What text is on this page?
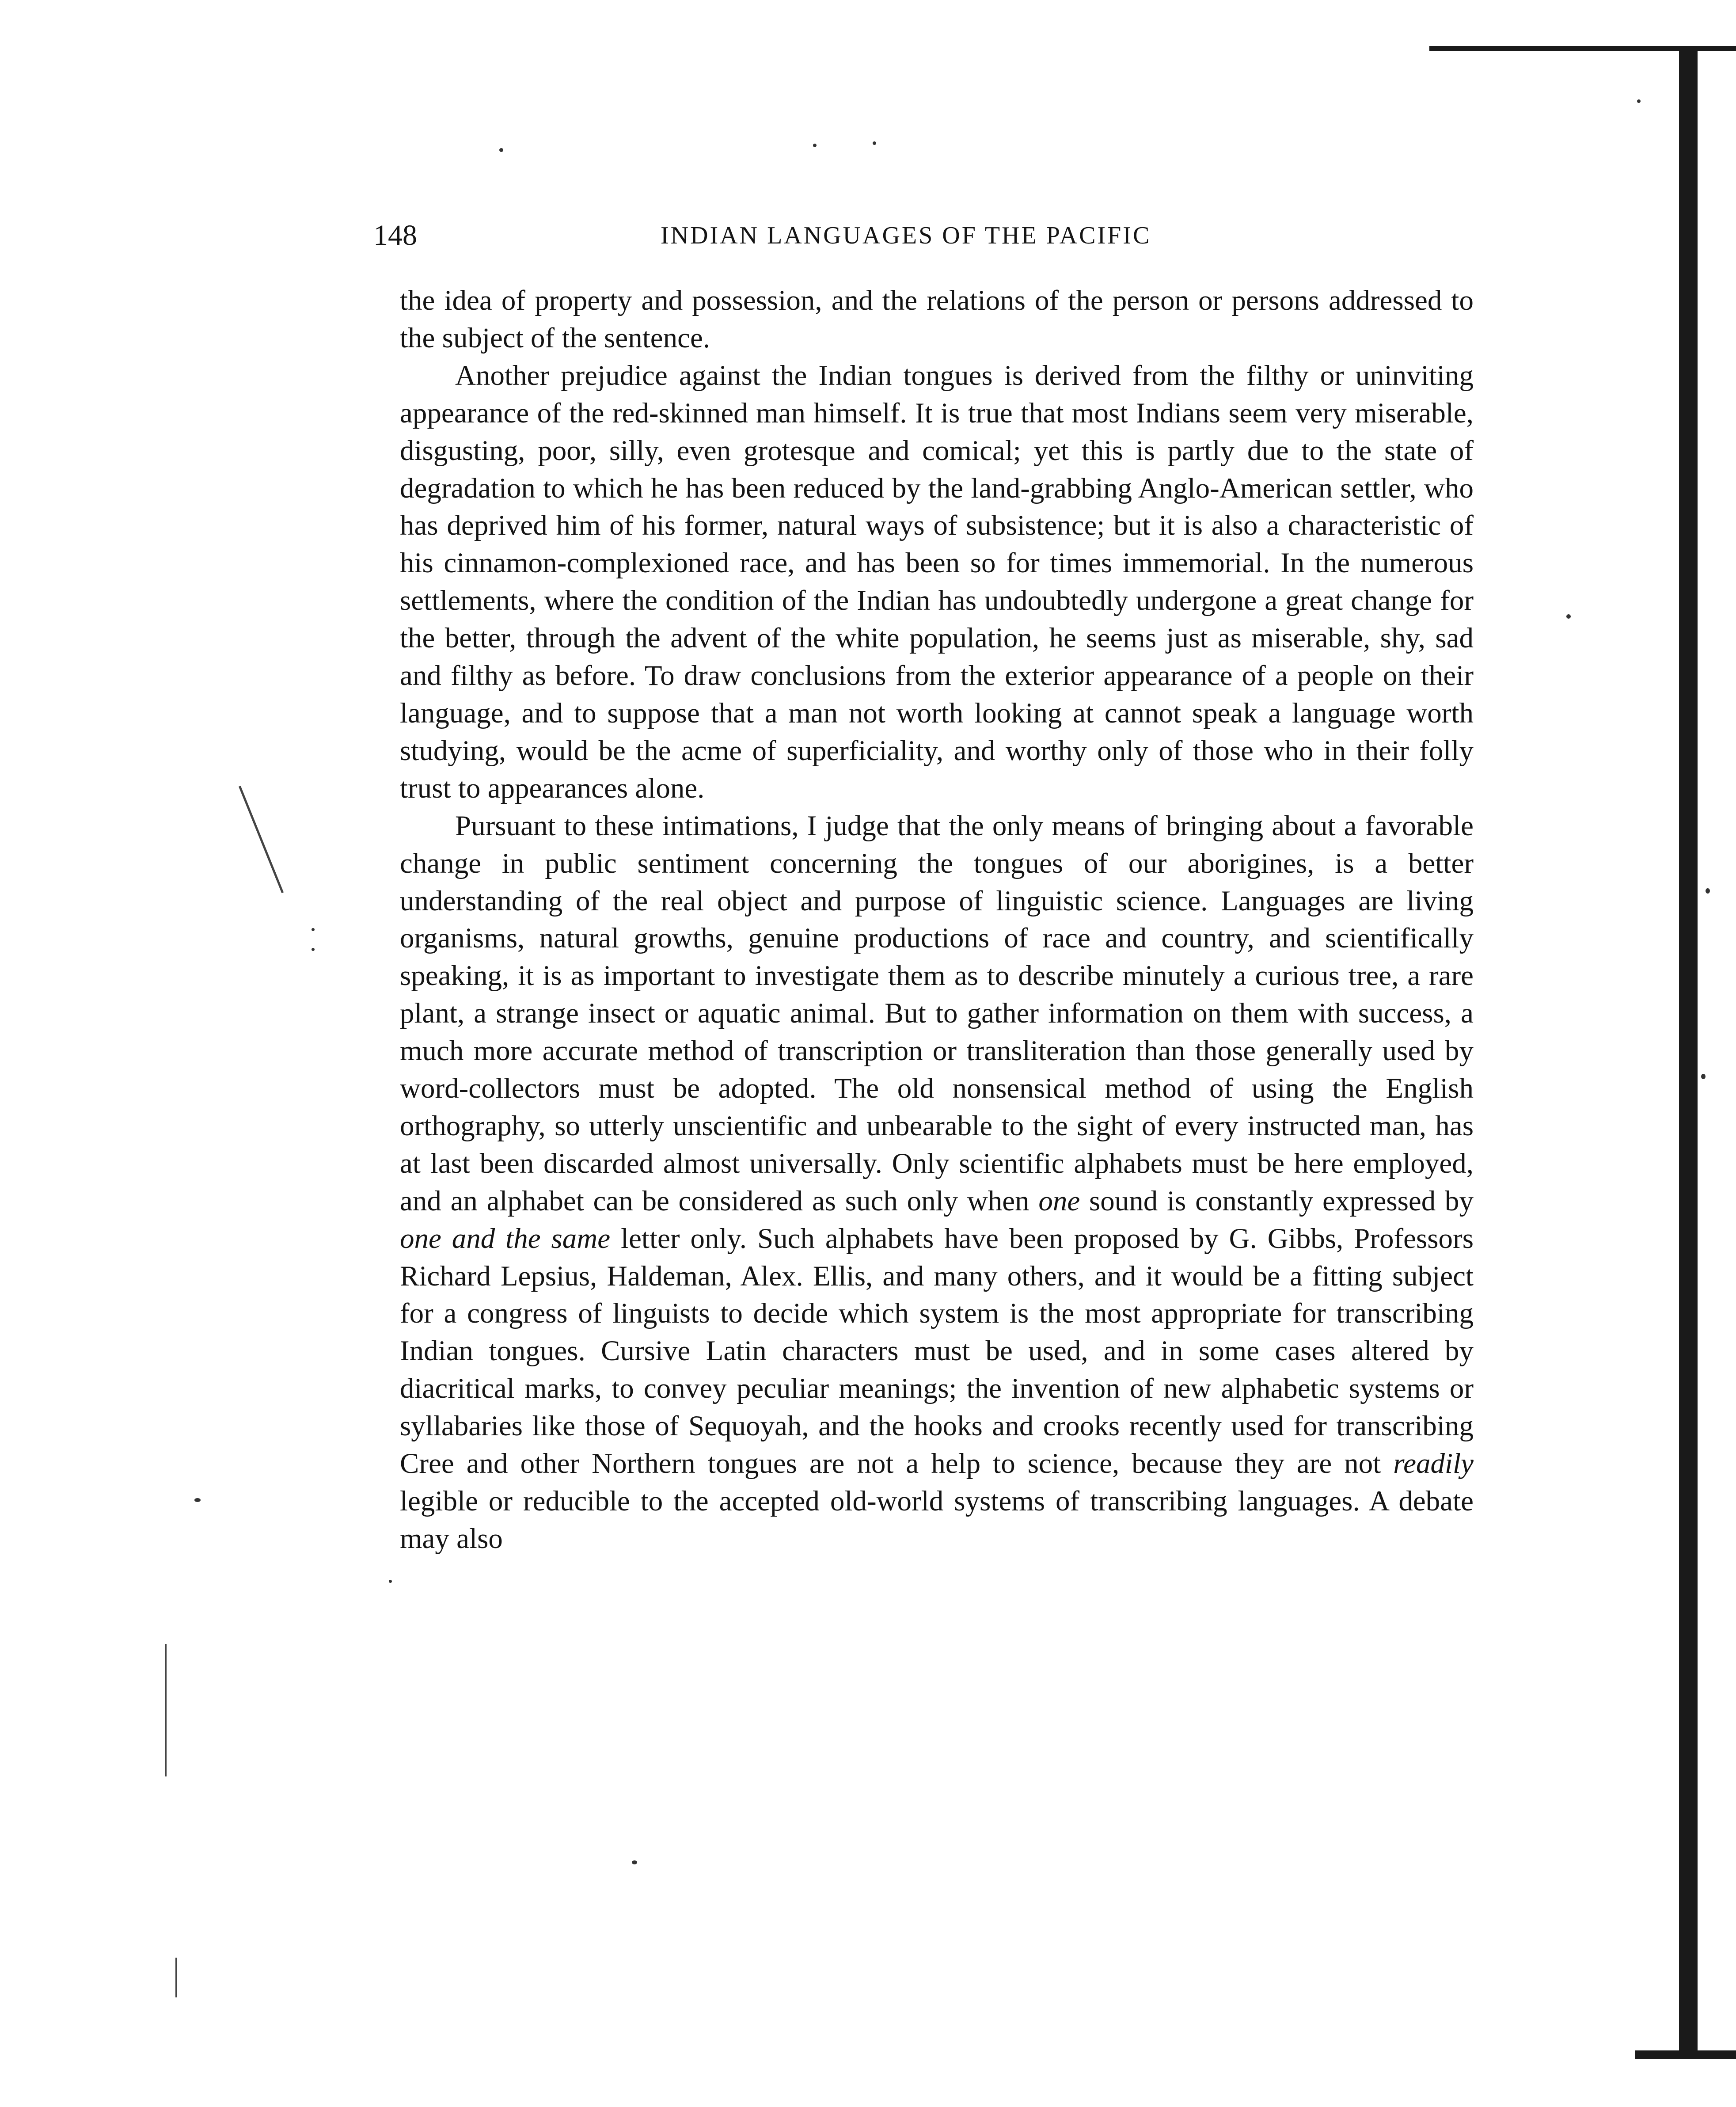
148	INDIAN LANGUAGES OF THE PACIFIC

the idea of property and possession, and the relations of the person or persons addressed to the subject of the sentence.

Another prejudice against the Indian tongues is derived from the filthy or uninviting appearance of the red-skinned man himself. It is true that most Indians seem very miserable, disgusting, poor, silly, even grotesque and comical; yet this is partly due to the state of degradation to which he has been reduced by the land-grabbing Anglo-American settler, who has deprived him of his former, natural ways of subsistence; but it is also a characteristic of his cinnamon-complexioned race, and has been so for times immemorial. In the numerous settlements, where the condition of the Indian has undoubtedly undergone a great change for the better, through the advent of the white population, he seems just as miserable, shy, sad and filthy as before. To draw conclusions from the exterior appearance of a people on their language, and to suppose that a man not worth looking at cannot speak a language worth studying, would be the acme of superficiality, and worthy only of those who in their folly trust to appearances alone.

Pursuant to these intimations, I judge that the only means of bringing about a favorable change in public sentiment concerning the tongues of our aborigines, is a better understanding of the real object and purpose of linguistic science. Languages are living organisms, natural growths, genuine productions of race and country, and scientifically speaking, it is as important to investigate them as to describe minutely a curious tree, a rare plant, a strange insect or aquatic animal. But to gather information on them with success, a much more accurate method of transcription or transliteration than those generally used by word-collectors must be adopted. The old nonsensical method of using the English orthography, so utterly unscientific and unbearable to the sight of every instructed man, has at last been discarded almost universally. Only scientific alphabets must be here employed, and an alphabet can be considered as such only when one sound is constantly expressed by one and the same letter only. Such alphabets have been proposed by G. Gibbs, Professors Richard Lepsius, Haldeman, Alex. Ellis, and many others, and it would be a fitting subject for a congress of linguists to decide which system is the most appropriate for transcribing Indian tongues. Cursive Latin characters must be used, and in some cases altered by diacritical marks, to convey peculiar meanings; the invention of new alphabetic systems or syllabaries like those of Sequoyah, and the hooks and crooks recently used for transcribing Cree and other Northern tongues are not a help to science, because they are not readily legible or reducible to the accepted old-world systems of transcribing languages. A debate may also
